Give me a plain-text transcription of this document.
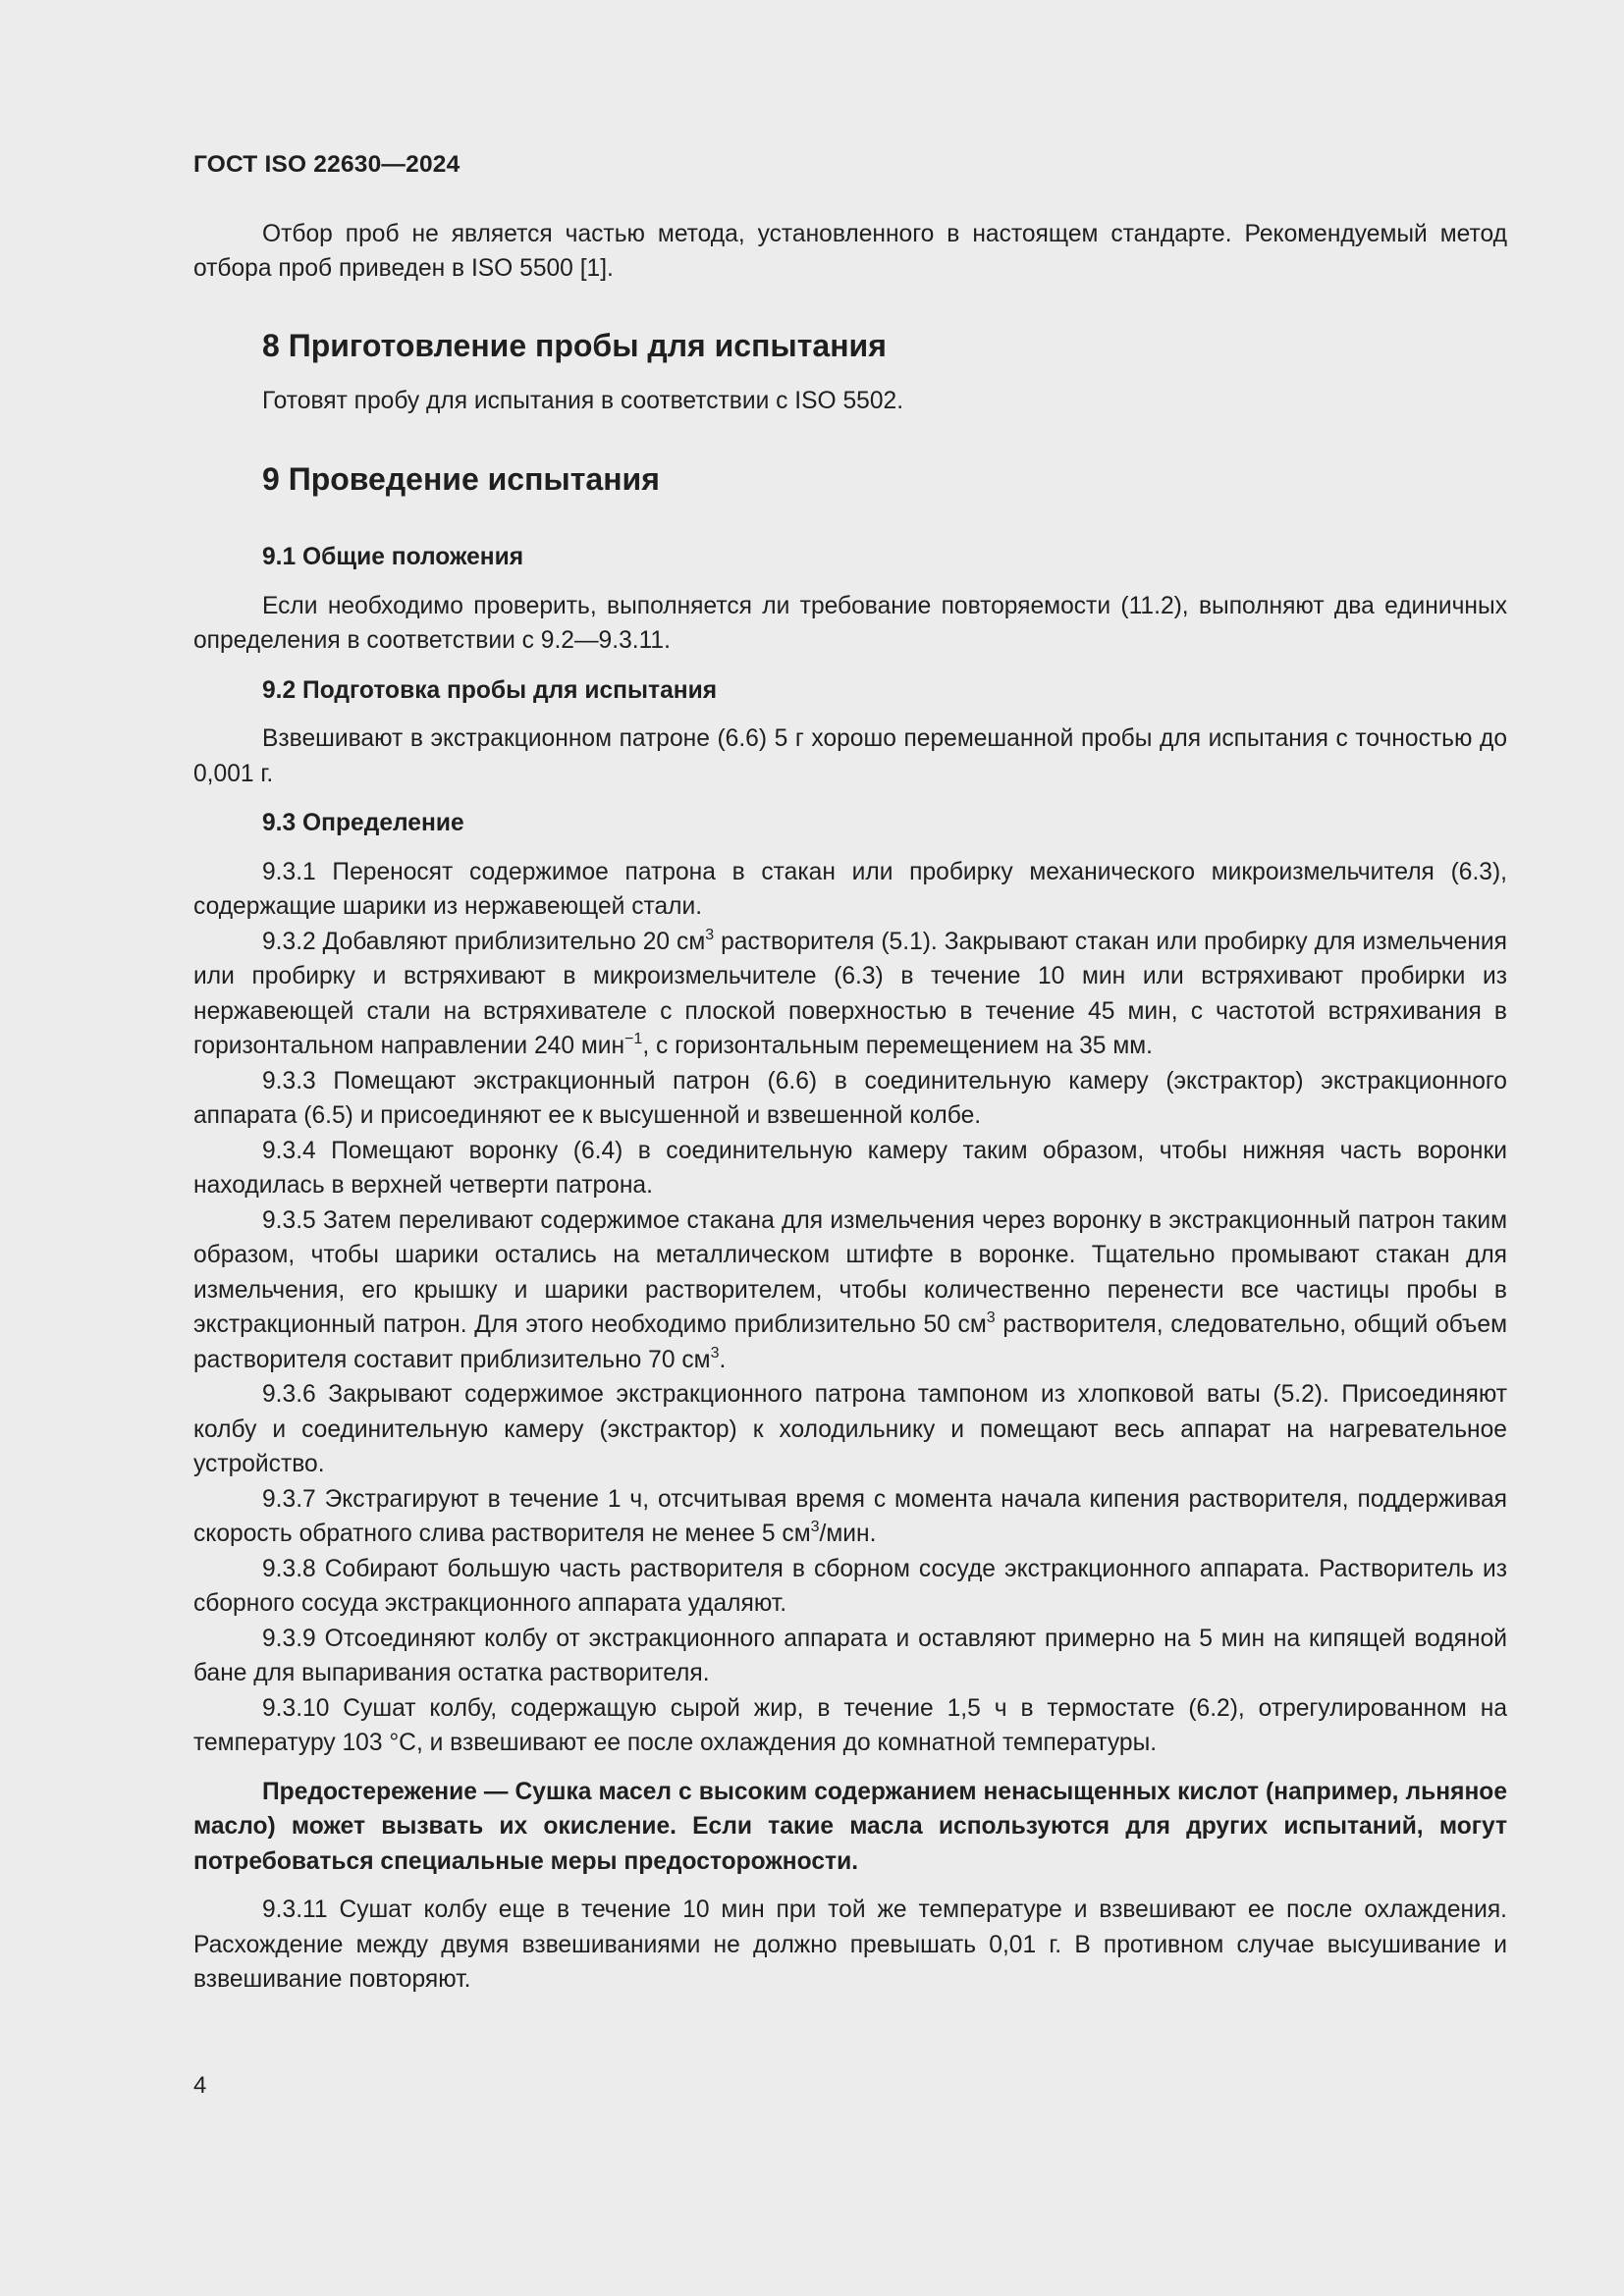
ГОСТ ISO 22630—2024

Отбор проб не является частью метода, установленного в настоящем стандарте. Рекомендуемый метод отбора проб приведен в ISO 5500 [1].

8 Приготовление пробы для испытания

Готовят пробу для испытания в соответствии с ISO 5502.

9 Проведение испытания
9.1 Общие положения

Если необходимо проверить, выполняется ли требование повторяемости (11.2), выполняют два единичных определения в соответствии с 9.2—9.3.11.

9.2 Подготовка пробы для испытания

Взвешивают в экстракционном патроне (6.6) 5 г хорошо перемешанной пробы для испытания с точностью до 0,001 г.

9.3 Определение

9.3.1 Переносят содержимое патрона в стакан или пробирку механического микроизмельчителя (6.3), содержащие шарики из нержавеющей стали.

9.3.2 Добавляют приблизительно 20 $см^3$ растворителя (5.1). Закрывают стакан или пробирку для измельчения или пробирку и встряхивают в микроизмельчителе (6.3) в течение 10 мин или встряхивают пробирки из нержавеющей стали на встряхивателе с плоской поверхностью в течение 45 мин, с частотой встряхивания в горизонтальном направлении 240 мин$^{-1}$, с горизонтальным перемещением на 35 мм.

9.3.3 Помещают экстракционный патрон (6.6) в соединительную камеру (экстрактор) экстракционного аппарата (6.5) и присоединяют ее к высушенной и взвешенной колбе.

9.3.4 Помещают воронку (6.4) в соединительную камеру таким образом, чтобы нижняя часть воронки находилась в верхней четверти патрона.

9.3.5 Затем переливают содержимое стакана для измельчения через воронку в экстракционный патрон таким образом, чтобы шарики остались на металлическом штифте в воронке. Тщательно промывают стакан для измельчения, его крышку и шарики растворителем, чтобы количественно перенести все частицы пробы в экстракционный патрон. Для этого необходимо приблизительно 50 $см^3$ растворителя, следовательно, общий объем растворителя составит приблизительно 70 $см^3$.

9.3.6 Закрывают содержимое экстракционного патрона тампоном из хлопковой ваты (5.2). Присоединяют колбу и соединительную камеру (экстрактор) к холодильнику и помещают весь аппарат на нагревательное устройство.

9.3.7 Экстрагируют в течение 1 ч, отсчитывая время с момента начала кипения растворителя, поддерживая скорость обратного слива растворителя не менее 5 $см^3$/мин.

9.3.8 Собирают большую часть растворителя в сборном сосуде экстракционного аппарата. Растворитель из сборного сосуда экстракционного аппарата удаляют.

9.3.9 Отсоединяют колбу от экстракционного аппарата и оставляют примерно на 5 мин на кипящей водяной бане для выпаривания остатка растворителя.

9.3.10 Сушат колбу, содержащую сырой жир, в течение 1,5 ч в термостате (6.2), отрегулированном на температуру 103 °С, и взвешивают ее после охлаждения до комнатной температуры.

Предостережение — Сушка масел с высоким содержанием ненасыщенных кислот (например, льняное масло) может вызвать их окисление. Если такие масла используются для других испытаний, могут потребоваться специальные меры предосторожности.

9.3.11 Сушат колбу еще в течение 10 мин при той же температуре и взвешивают ее после охлаждения. Расхождение между двумя взвешиваниями не должно превышать 0,01 г. В противном случае высушивание и взвешивание повторяют.

4
